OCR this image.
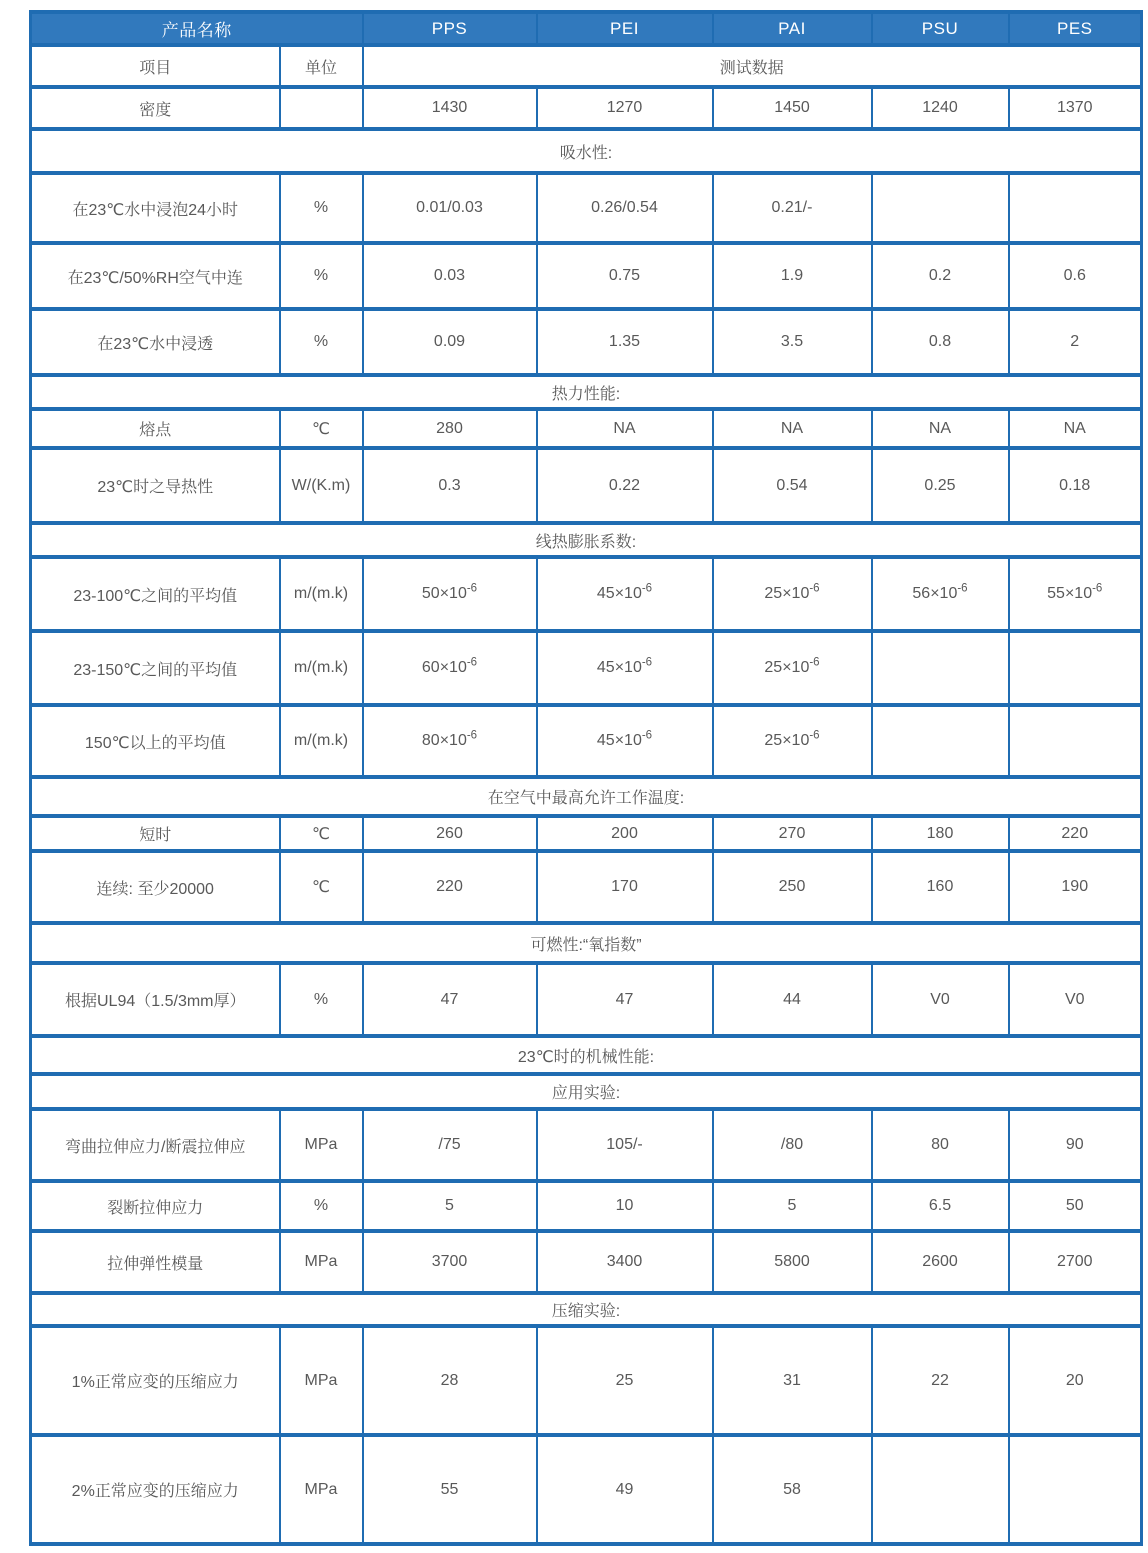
产品名称		PPS	PEI	PAI	PSU	PES
项目	单位	测试数据				
密度		1430	1270	1450	1240	1370
吸水性:						
在23℃水中浸泡24小时	%	0.01/0.03	0.26/0.54	0.21/-		
在23℃/50%RH空气中连	%	0.03	0.75	1.9	0.2	0.6
在23℃水中浸透	%	0.09	1.35	3.5	0.8	2
热力性能:						
熔点	℃	280	NA	NA	NA	NA
23℃时之导热性	W/(K.m)	0.3	0.22	0.54	0.25	0.18
线热膨胀系数:						
23-100℃之间的平均值	m/(m.k)	$50\times 10^{-6}$	$45\times 10^{-6}$	$25\times 10^{-6}$	$56\times 10^{-6}$	$55\times 10^{-6}$
23-150℃之间的平均值	m/(m.k)	$60\times 10^{-6}$	$45\times 10^{-6}$	$25\times 10^{-6}$		
150℃以上的平均值	m/(m.k)	$80\times 10^{-6}$	$45\times 10^{-6}$	$25\times 10^{-6}$		
在空气中最高允许工作温度:						
短时	℃	260	200	270	180	220
连续: 至少20000	℃	220	170	250	160	190
可燃性:“氧指数”						
根据UL94（1.5/3mm厚）	%	47	47	44	V0	V0
23℃时的机械性能:						
应用实验:						
弯曲拉伸应力/断震拉伸应	MPa	/75	105/-	/80	80	90
裂断拉伸应力	%	5	10	5	6.5	50
拉伸弹性模量	MPa	3700	3400	5800	2600	2700
压缩实验:						
1%正常应变的压缩应力	MPa	28	25	31	22	20
2%正常应变的压缩应力	MPa	55	49	58		
